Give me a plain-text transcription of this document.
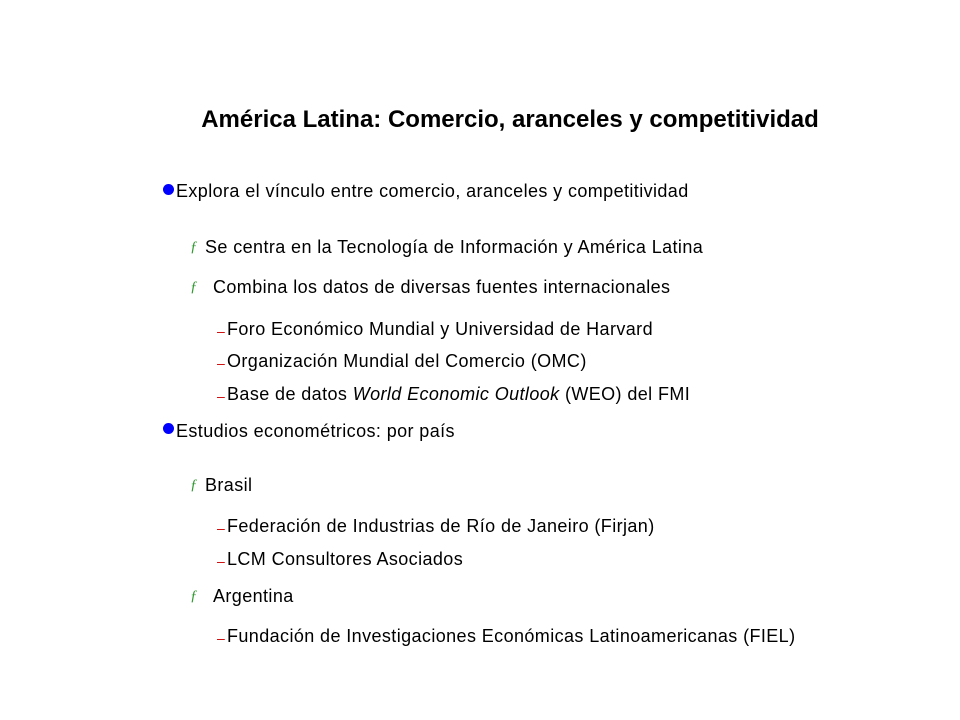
América Latina: Comercio, aranceles y competitividad
Explora el vínculo entre comercio, aranceles y competitividad
ƒ Se centra en la Tecnología de Información y América Latina
ƒ Combina los datos de diversas fuentes internacionales
– Foro Económico Mundial y Universidad de Harvard
– Organización Mundial del Comercio (OMC)
– Base de datos World Economic Outlook (WEO) del FMI
Estudios econométricos: por país
ƒ Brasil
– Federación de Industrias de Río de Janeiro (Firjan)
– LCM Consultores Asociados
ƒ Argentina
– Fundación de Investigaciones Económicas Latinoamericanas (FIEL)
